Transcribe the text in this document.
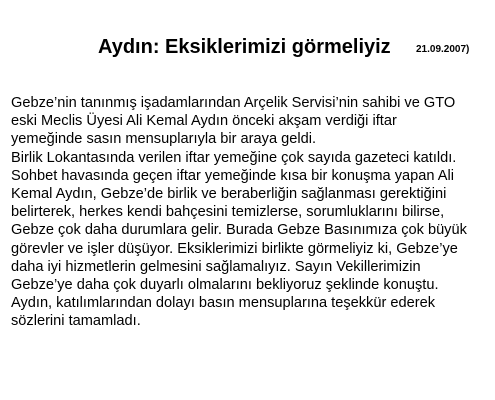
Aydın: Eksiklerimizi görmeliyiz	21.09.2007)
Gebze’nin tanınmış işadamlarından Arçelik Servisi’nin sahibi ve GTO
eski Meclis Üyesi Ali Kemal Aydın önceki akşam verdiği iftar
yemeğinde sasın mensuplarıyla bir araya geldi.
Birlik Lokantasında verilen iftar yemeğine çok sayıda gazeteci katıldı.
Sohbet havasında geçen iftar yemeğinde kısa bir konuşma yapan Ali
Kemal Aydın, Gebze’de birlik ve beraberliğin sağlanması gerektiğini
belirterek, herkes kendi bahçesini temizlerse, sorumluklarını bilirse,
Gebze çok daha durumlara gelir. Burada Gebze Basınımıza çok büyük
görevler ve işler düşüyor. Eksiklerimizi birlikte görmeliyiz ki, Gebze’ye
daha iyi hizmetlerin gelmesini sağlamalıyız. Sayın Vekillerimizin
Gebze’ye daha çok duyarlı olmalarını bekliyoruz şeklinde konuştu.
Aydın, katılımlarından dolayı basın mensuplarına teşekkür ederek
sözlerini tamamladı.
